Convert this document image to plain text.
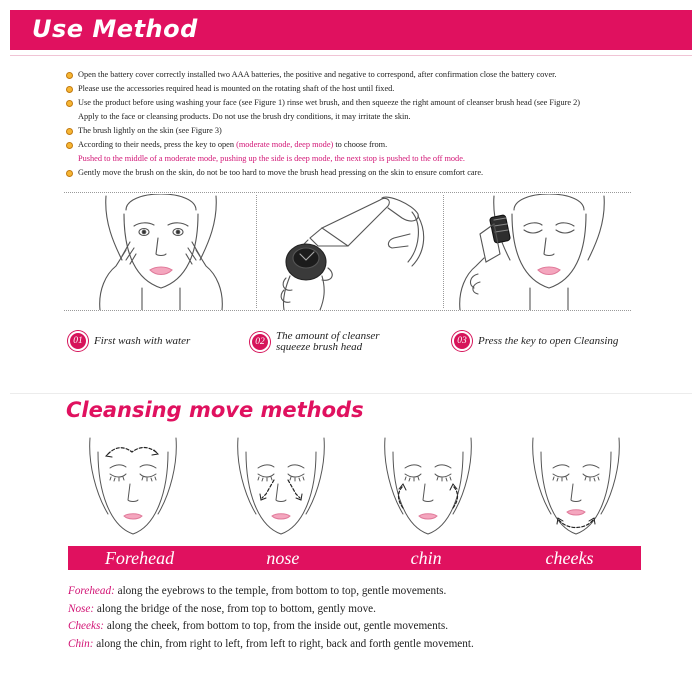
Use Method
Open the battery cover correctly installed two AAA batteries, the positive and negative to correspond, after confirmation close the battery cover.
Please use the accessories required head is mounted on the rotating shaft of the host until fixed.
Use the product before using washing your face (see Figure 1) rinse wet brush, and then squeeze the right amount of cleanser brush head (see Figure 2)
Apply to the face or cleansing products. Do not use the brush dry conditions, it may irritate the skin.
The brush lightly on the skin (see Figure 3)
According to their needs, press the key to open (moderate mode, deep mode) to choose from.
Pushed to the middle of a moderate mode, pushing up the side is deep mode, the next stop is pushed to the off mode.
Gently move the brush on the skin, do not be too hard to move the brush head pressing on the skin to ensure comfort care.
01	First wash with water	02	The amount of cleanser
squeeze brush head	03	Press the key to open Cleansing
Cleansing move methods
Forehead	nose	chin	cheeks
Forehead: along the eyebrows to the temple, from bottom to top, gentle movements.
Nose: along the bridge of the nose, from top to bottom, gently move.
Cheeks: along the cheek, from bottom to top, from the inside out, gentle movements.
Chin: along the chin, from right to left, from left to right, back and forth gentle movement.
